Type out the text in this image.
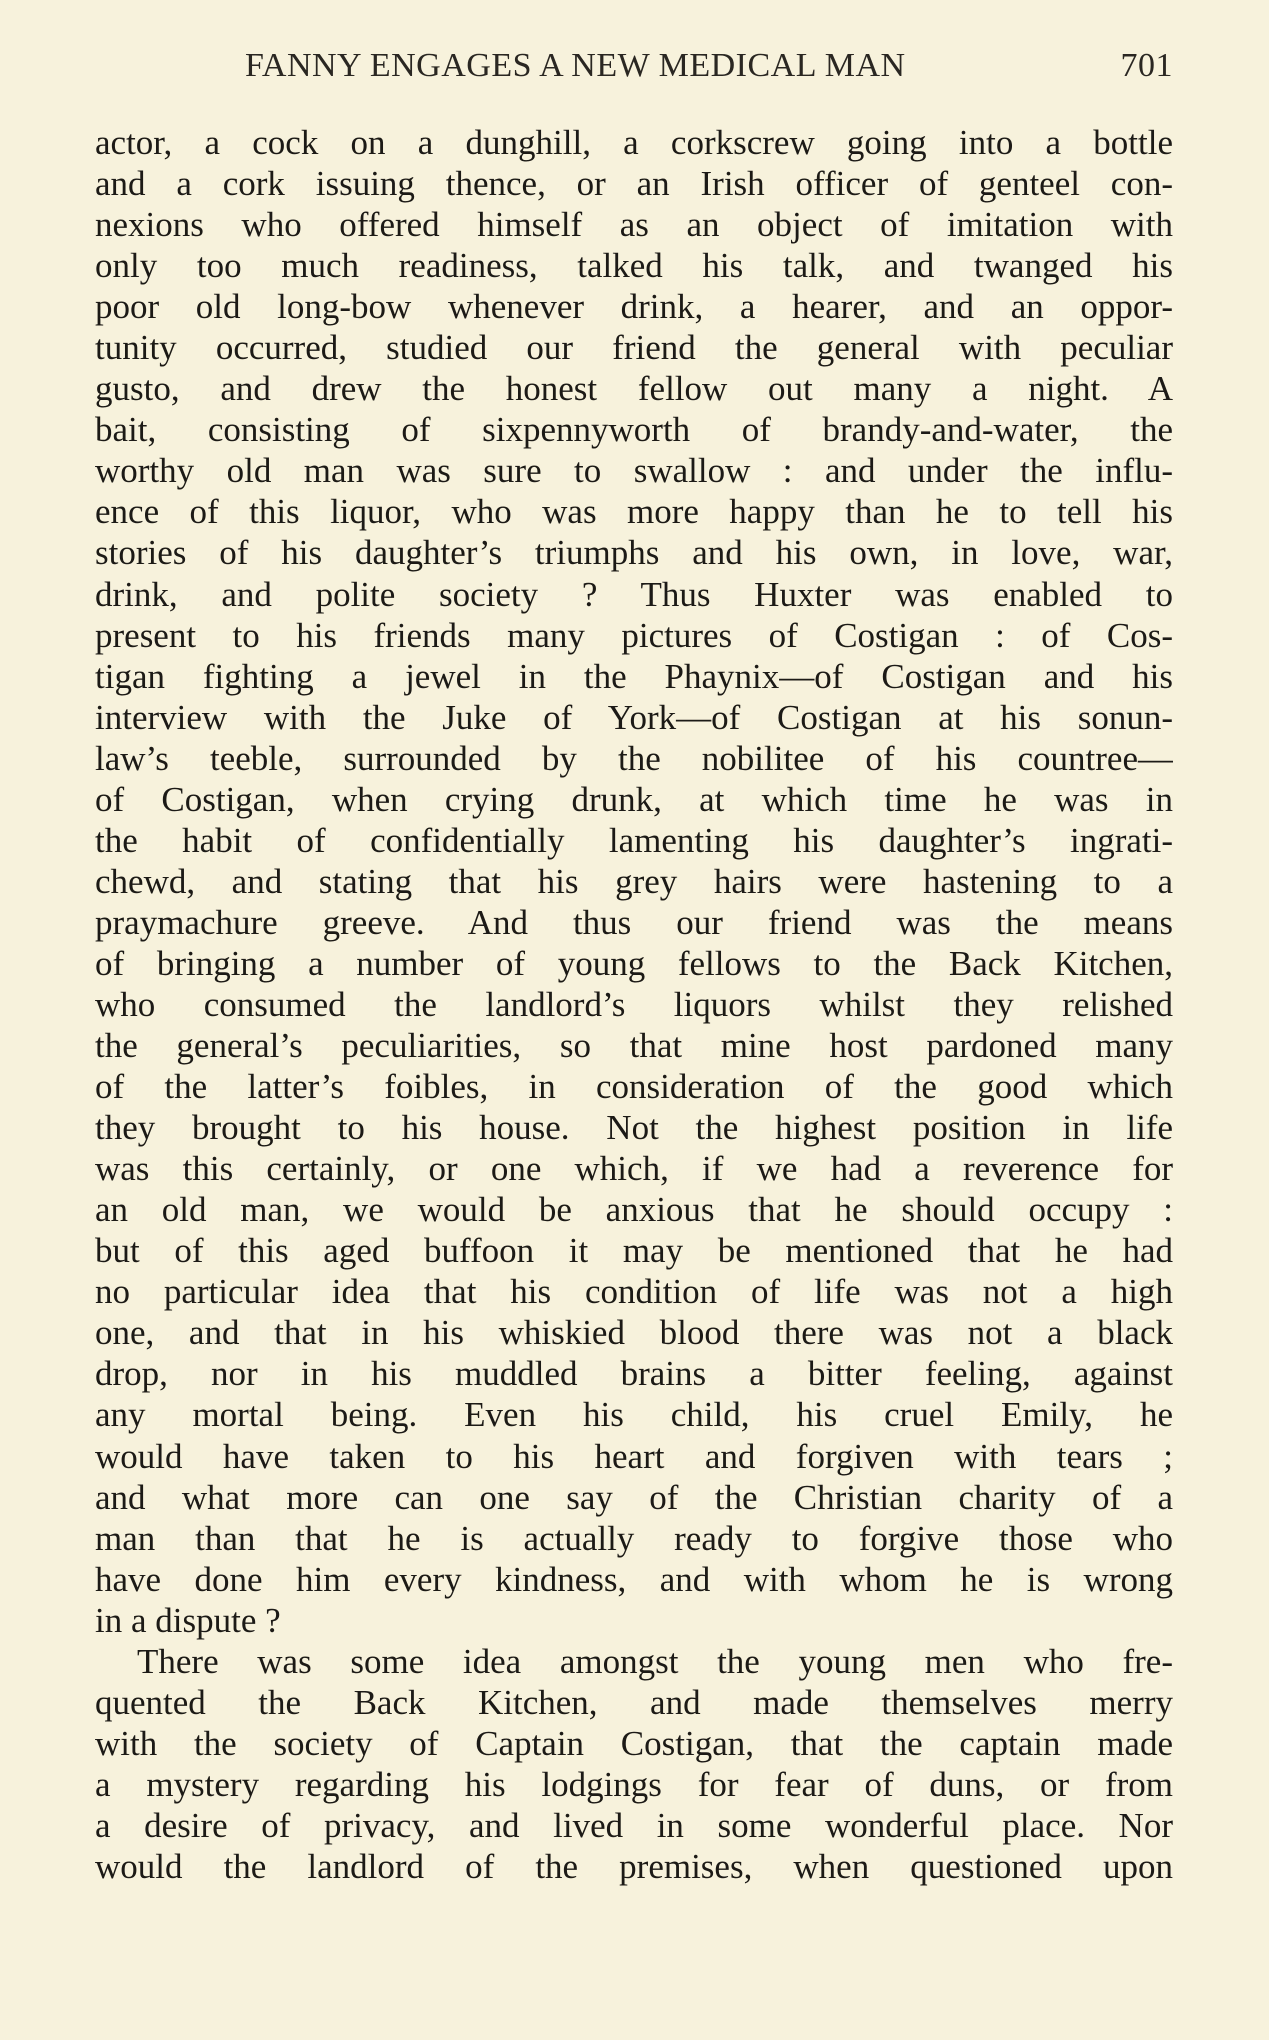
FANNY ENGAGES A NEW MEDICAL MAN	701
actor, a cock on a dunghill, a corkscrew going into a bottle
and a cork issuing thence, or an Irish officer of genteel con-
nexions who offered himself as an object of imitation with
only too much readiness, talked his talk, and twanged his
poor old long-bow whenever drink, a hearer, and an oppor-
tunity occurred, studied our friend the general with peculiar
gusto, and drew the honest fellow out many a night. A
bait, consisting of sixpennyworth of brandy-and-water, the
worthy old man was sure to swallow : and under the influ-
ence of this liquor, who was more happy than he to tell his
stories of his daughter’s triumphs and his own, in love, war,
drink, and polite society ? Thus Huxter was enabled to
present to his friends many pictures of Costigan : of Cos-
tigan fighting a jewel in the Phaynix—of Costigan and his
interview with the Juke of York—of Costigan at his sonun-
law’s teeble, surrounded by the nobilitee of his countree—
of Costigan, when crying drunk, at which time he was in
the habit of confidentially lamenting his daughter’s ingrati-
chewd, and stating that his grey hairs were hastening to a
praymachure greeve. And thus our friend was the means
of bringing a number of young fellows to the Back Kitchen,
who consumed the landlord’s liquors whilst they relished
the general’s peculiarities, so that mine host pardoned many
of the latter’s foibles, in consideration of the good which
they brought to his house. Not the highest position in life
was this certainly, or one which, if we had a reverence for
an old man, we would be anxious that he should occupy :
but of this aged buffoon it may be mentioned that he had
no particular idea that his condition of life was not a high
one, and that in his whiskied blood there was not a black
drop, nor in his muddled brains a bitter feeling, against
any mortal being. Even his child, his cruel Emily, he
would have taken to his heart and forgiven with tears ;
and what more can one say of the Christian charity of a
man than that he is actually ready to forgive those who
have done him every kindness, and with whom he is wrong
in a dispute ?
There was some idea amongst the young men who fre-
quented the Back Kitchen, and made themselves merry
with the society of Captain Costigan, that the captain made
a mystery regarding his lodgings for fear of duns, or from
a desire of privacy, and lived in some wonderful place. Nor
would the landlord of the premises, when questioned upon
